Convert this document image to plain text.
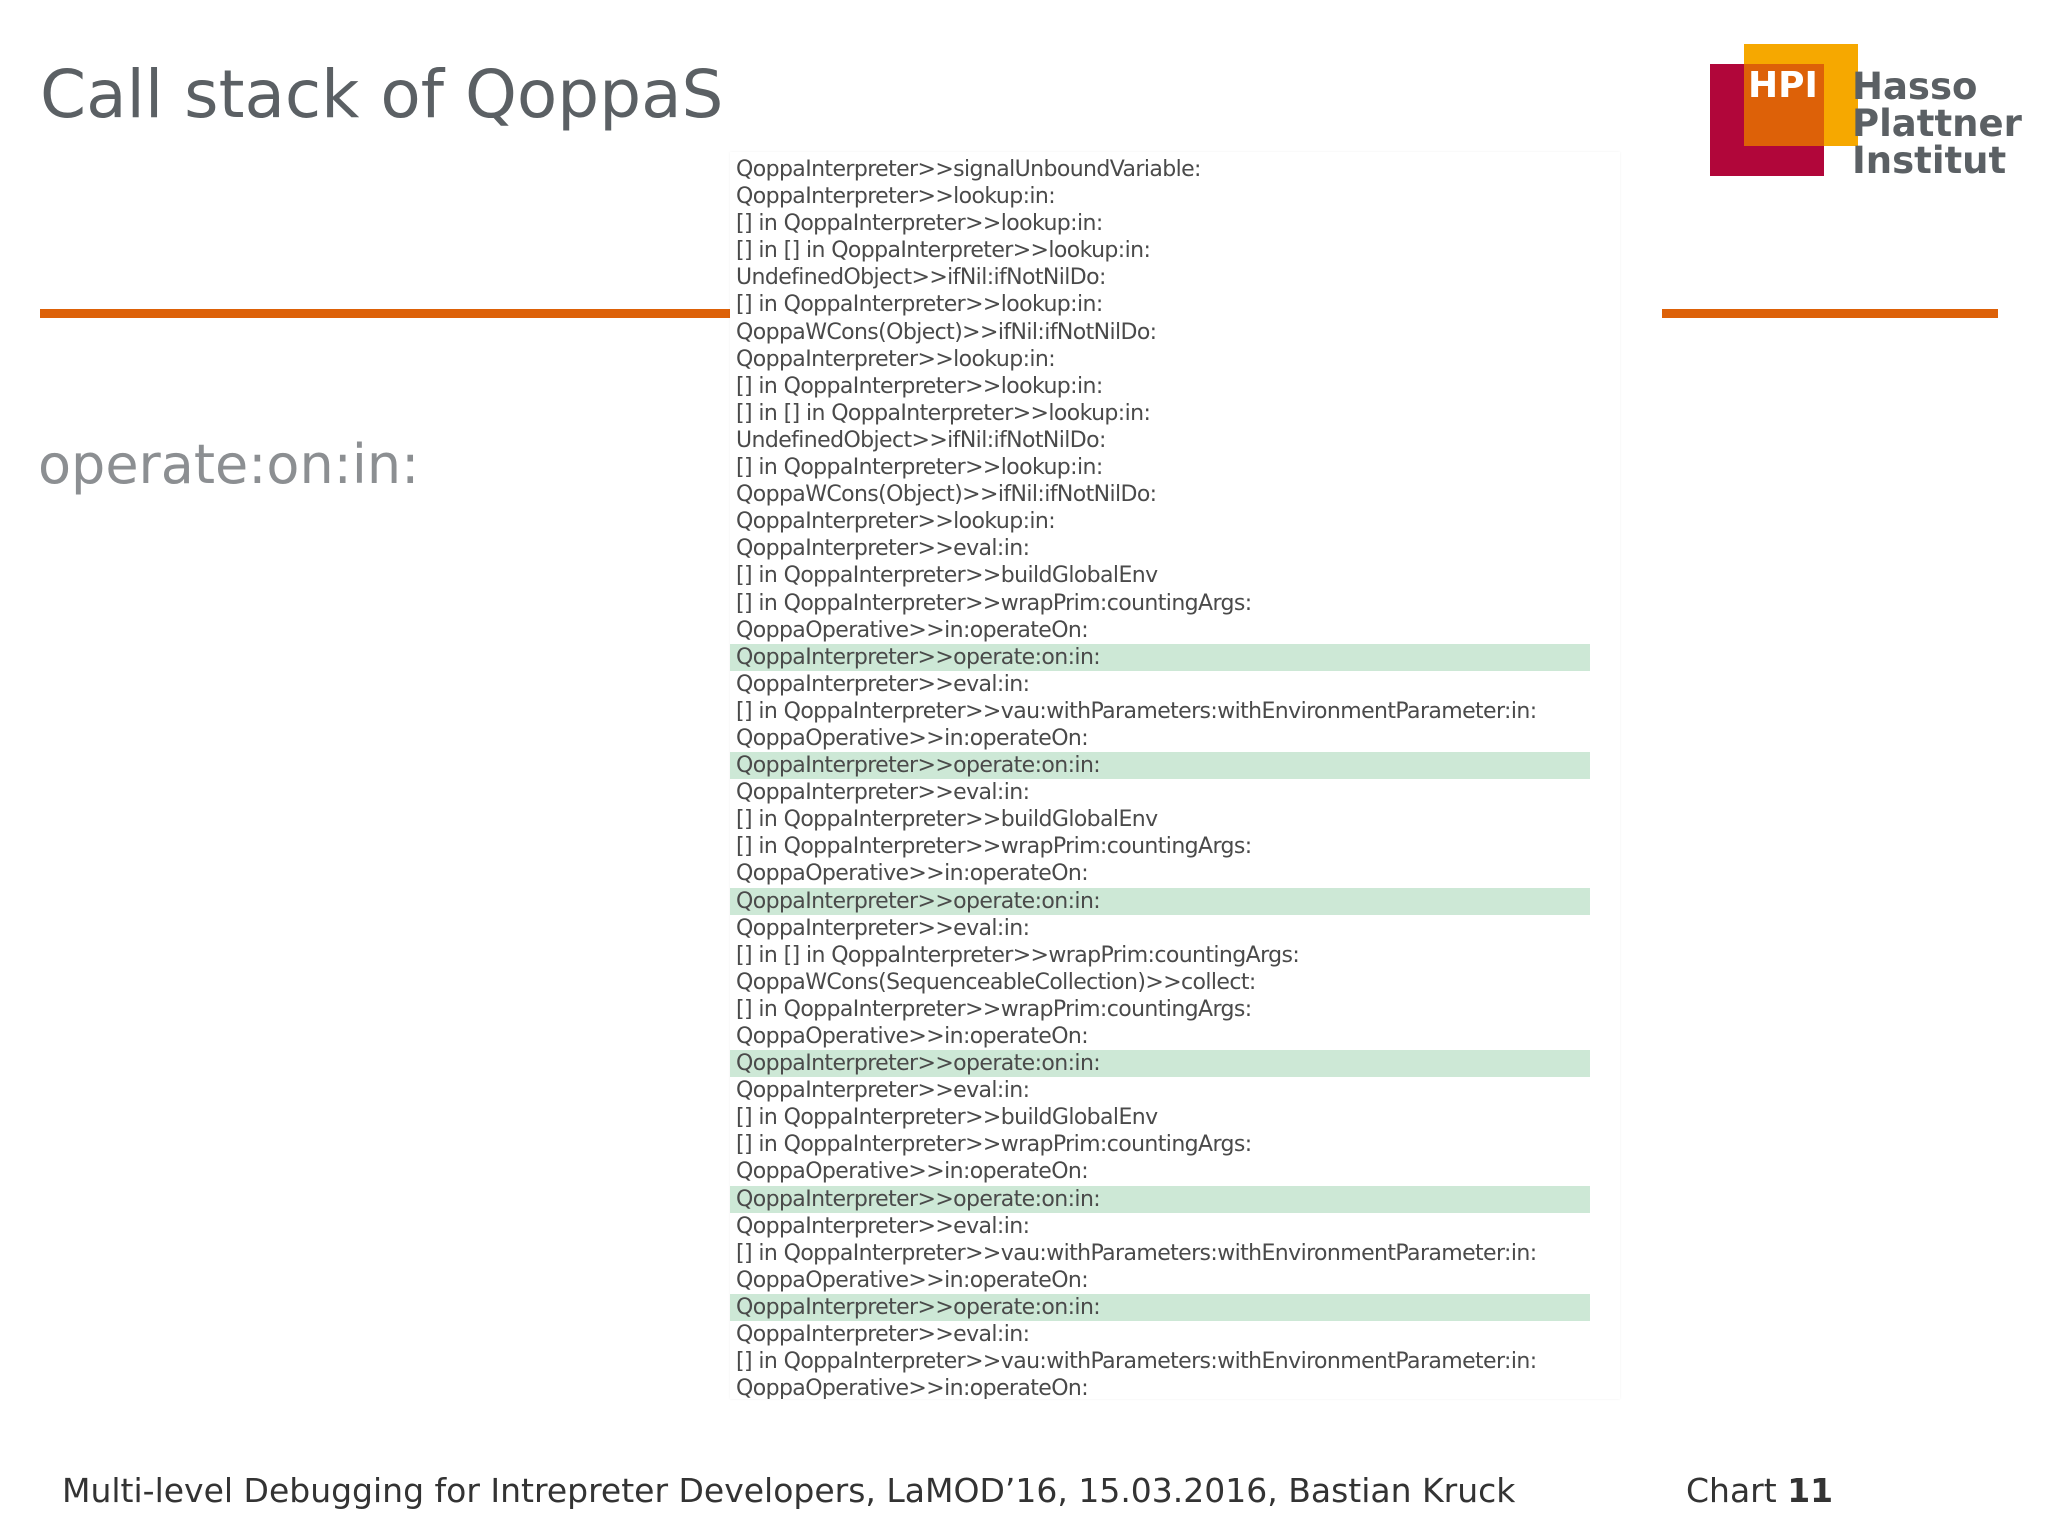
Call stack of QoppaS	HPI Hasso
Plattner
Institut
operate:on:in:
QoppaInterpreter>>signalUnboundVariable:
QoppaInterpreter>>lookup:in:
[] in QoppaInterpreter>>lookup:in:
[] in [] in QoppaInterpreter>>lookup:in:
UndefinedObject>>ifNil:ifNotNilDo:
[] in QoppaInterpreter>>lookup:in:
QoppaWCons(Object)>>ifNil:ifNotNilDo:
QoppaInterpreter>>lookup:in:
[] in QoppaInterpreter>>lookup:in:
[] in [] in QoppaInterpreter>>lookup:in:
UndefinedObject>>ifNil:ifNotNilDo:
[] in QoppaInterpreter>>lookup:in:
QoppaWCons(Object)>>ifNil:ifNotNilDo:
QoppaInterpreter>>lookup:in:
QoppaInterpreter>>eval:in:
[] in QoppaInterpreter>>buildGlobalEnv
[] in QoppaInterpreter>>wrapPrim:countingArgs:
QoppaOperative>>in:operateOn:
QoppaInterpreter>>operate:on:in:
QoppaInterpreter>>eval:in:
[] in QoppaInterpreter>>vau:withParameters:withEnvironmentParameter:in:
QoppaOperative>>in:operateOn:
QoppaInterpreter>>operate:on:in:
QoppaInterpreter>>eval:in:
[] in QoppaInterpreter>>buildGlobalEnv
[] in QoppaInterpreter>>wrapPrim:countingArgs:
QoppaOperative>>in:operateOn:
QoppaInterpreter>>operate:on:in:
QoppaInterpreter>>eval:in:
[] in [] in QoppaInterpreter>>wrapPrim:countingArgs:
QoppaWCons(SequenceableCollection)>>collect:
[] in QoppaInterpreter>>wrapPrim:countingArgs:
QoppaOperative>>in:operateOn:
QoppaInterpreter>>operate:on:in:
QoppaInterpreter>>eval:in:
[] in QoppaInterpreter>>buildGlobalEnv
[] in QoppaInterpreter>>wrapPrim:countingArgs:
QoppaOperative>>in:operateOn:
QoppaInterpreter>>operate:on:in:
QoppaInterpreter>>eval:in:
[] in QoppaInterpreter>>vau:withParameters:withEnvironmentParameter:in:
QoppaOperative>>in:operateOn:
QoppaInterpreter>>operate:on:in:
QoppaInterpreter>>eval:in:
[] in QoppaInterpreter>>vau:withParameters:withEnvironmentParameter:in:
QoppaOperative>>in:operateOn:
Multi-level Debugging for Intrepreter Developers, LaMOD’16, 15.03.2016, Bastian Kruck	Chart 11
